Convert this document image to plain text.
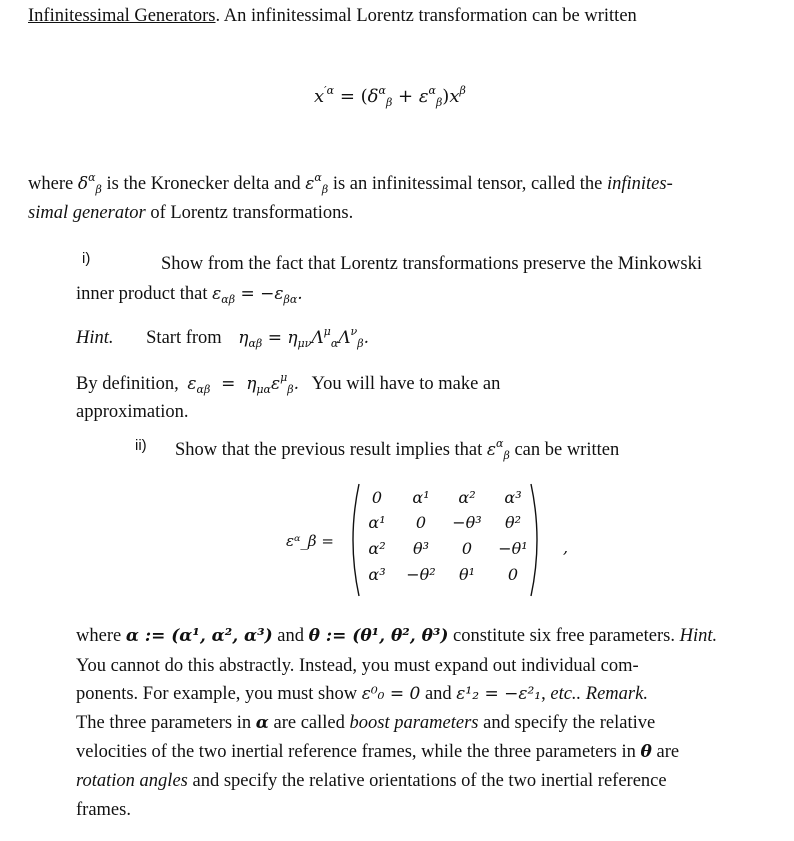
Infinitessimal Generators. An infinitessimal Lorentz transformation can be written
$x^{'\alpha} = (\delta^\alpha_\beta + \varepsilon^\alpha_\beta)x^\beta$
where $\delta^\alpha_\beta$ is the Kronecker delta and $\varepsilon^\alpha_\beta$ is an infinitessimal tensor, called the infinites-
simal generator of Lorentz transformations.
i)	Show from the fact that Lorentz transformations preserve the Minkowski
inner product that $\varepsilon_{\alpha\beta} = -\varepsilon_{\beta\alpha}$.
Hint. Start from $\eta_{\alpha\beta} = \eta_{\mu\nu}\Lambda^\mu_\alpha\Lambda^\nu_\beta$.
By definition, $\varepsilon_{\alpha\beta} = \eta_{\mu\alpha}\varepsilon^\mu_\beta$. You will have to make an
approximation.
ii) Show that the previous result implies that $\varepsilon^\alpha_\beta$ can be written
εᵅ_β =
0	α¹	α²	α³
α¹	0	−θ³	θ²
α²	θ³	0	−θ¹
α³	−θ²	θ¹	0
,
where α := (α¹, α², α³) and θ := (θ¹, θ², θ³) constitute six free parameters. Hint.
You cannot do this abstractly. Instead, you must expand out individual com-
ponents. For example, you must show ε⁰₀ = 0 and ε¹₂ = −ε²₁, etc.. Remark.
The three parameters in α are called boost parameters and specify the relative
velocities of the two inertial reference frames, while the three parameters in θ are
rotation angles and specify the relative orientations of the two inertial reference
frames.
